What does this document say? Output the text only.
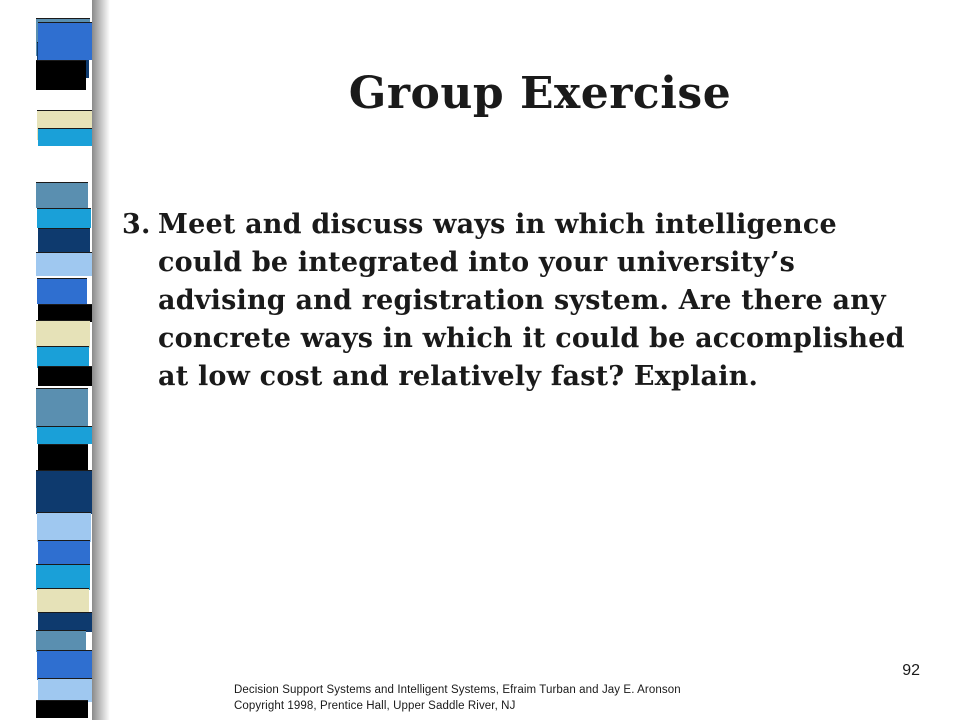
Group Exercise
3. Meet and discuss ways in which intelligence could be integrated into your university’s advising and registration system. Are there any concrete ways in which it could be accomplished at low cost and relatively fast? Explain.
92
Decision Support Systems and Intelligent Systems, Efraim Turban and Jay E. Aronson
Copyright 1998, Prentice Hall, Upper Saddle River, NJ
